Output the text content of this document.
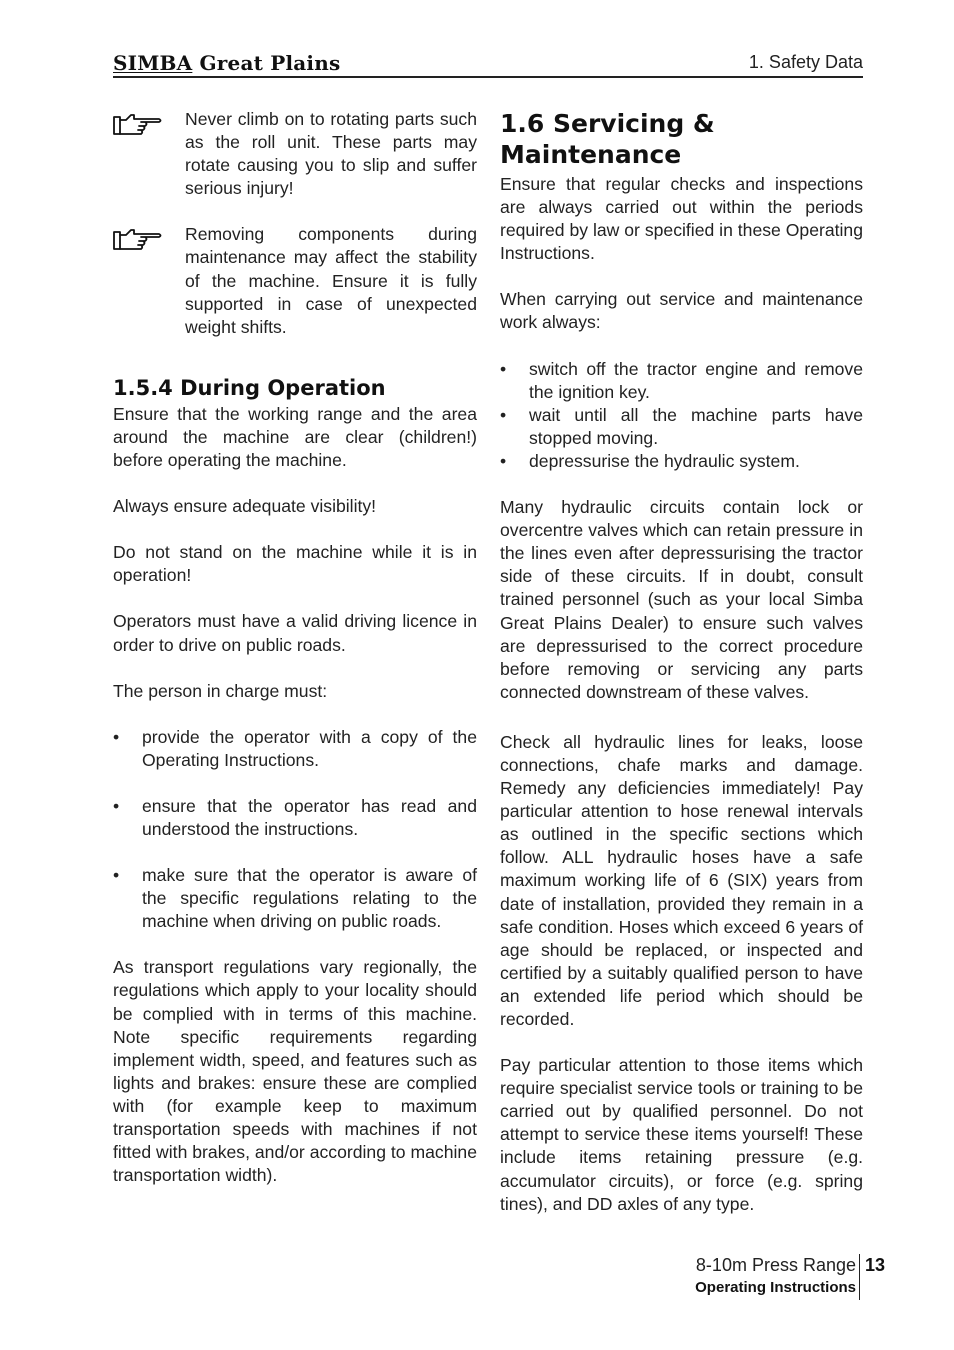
SIMBA Great Plains	1. Safety Data

Never climb on to rotating parts such as the roll unit. These parts may rotate causing you to slip and suffer serious injury!

Removing components during maintenance may affect the stability of the machine. Ensure it is fully supported in case of unexpected weight shifts.

1.5.4 During Operation

Ensure that the working range and the area around the machine are clear (children!) before operating the machine.

Always ensure adequate visibility!

Do not stand on the machine while it is in operation!

Operators must have a valid driving licence in order to drive on public roads.

The person in charge must:

• provide the operator with a copy of the Operating Instructions.
• ensure that the operator has read and understood the instructions.
• make sure that the operator is aware of the specific regulations relating to the machine when driving on public roads.

As transport regulations vary regionally, the regulations which apply to your locality should be complied with in terms of this machine. Note specific requirements regarding implement width, speed, and features such as lights and brakes: ensure these are complied with (for example keep to maximum transportation speeds with machines if not fitted with brakes, and/or according to machine transportation width).

1.6 Servicing & Maintenance

Ensure that regular checks and inspections are always carried out within the periods required by law or specified in these Operating Instructions.

When carrying out service and maintenance work always:

• switch off the tractor engine and remove the ignition key.
• wait until all the machine parts have stopped moving.
• depressurise the hydraulic system.

Many hydraulic circuits contain lock or overcentre valves which can retain pressure in the lines even after depressurising the tractor side of these circuits. If in doubt, consult trained personnel (such as your local Simba Great Plains Dealer) to ensure such valves are depressurised to the correct procedure before removing or servicing any parts connected downstream of these valves.

Check all hydraulic lines for leaks, loose connections, chafe marks and damage. Remedy any deficiencies immediately! Pay particular attention to hose renewal intervals as outlined in the specific sections which follow. ALL hydraulic hoses have a safe maximum working life of 6 (SIX) years from date of installation, provided they remain in a safe condition. Hoses which exceed 6 years of age should be replaced, or inspected and certified by a suitably qualified person to have an extended life period which should be recorded.

Pay particular attention to those items which require specialist service tools or training to be carried out by qualified personnel. Do not attempt to service these items yourself! These include items retaining pressure (e.g. accumulator circuits), or force (e.g. spring tines), and DD axles of any type.

8-10m Press Range
Operating Instructions
13
